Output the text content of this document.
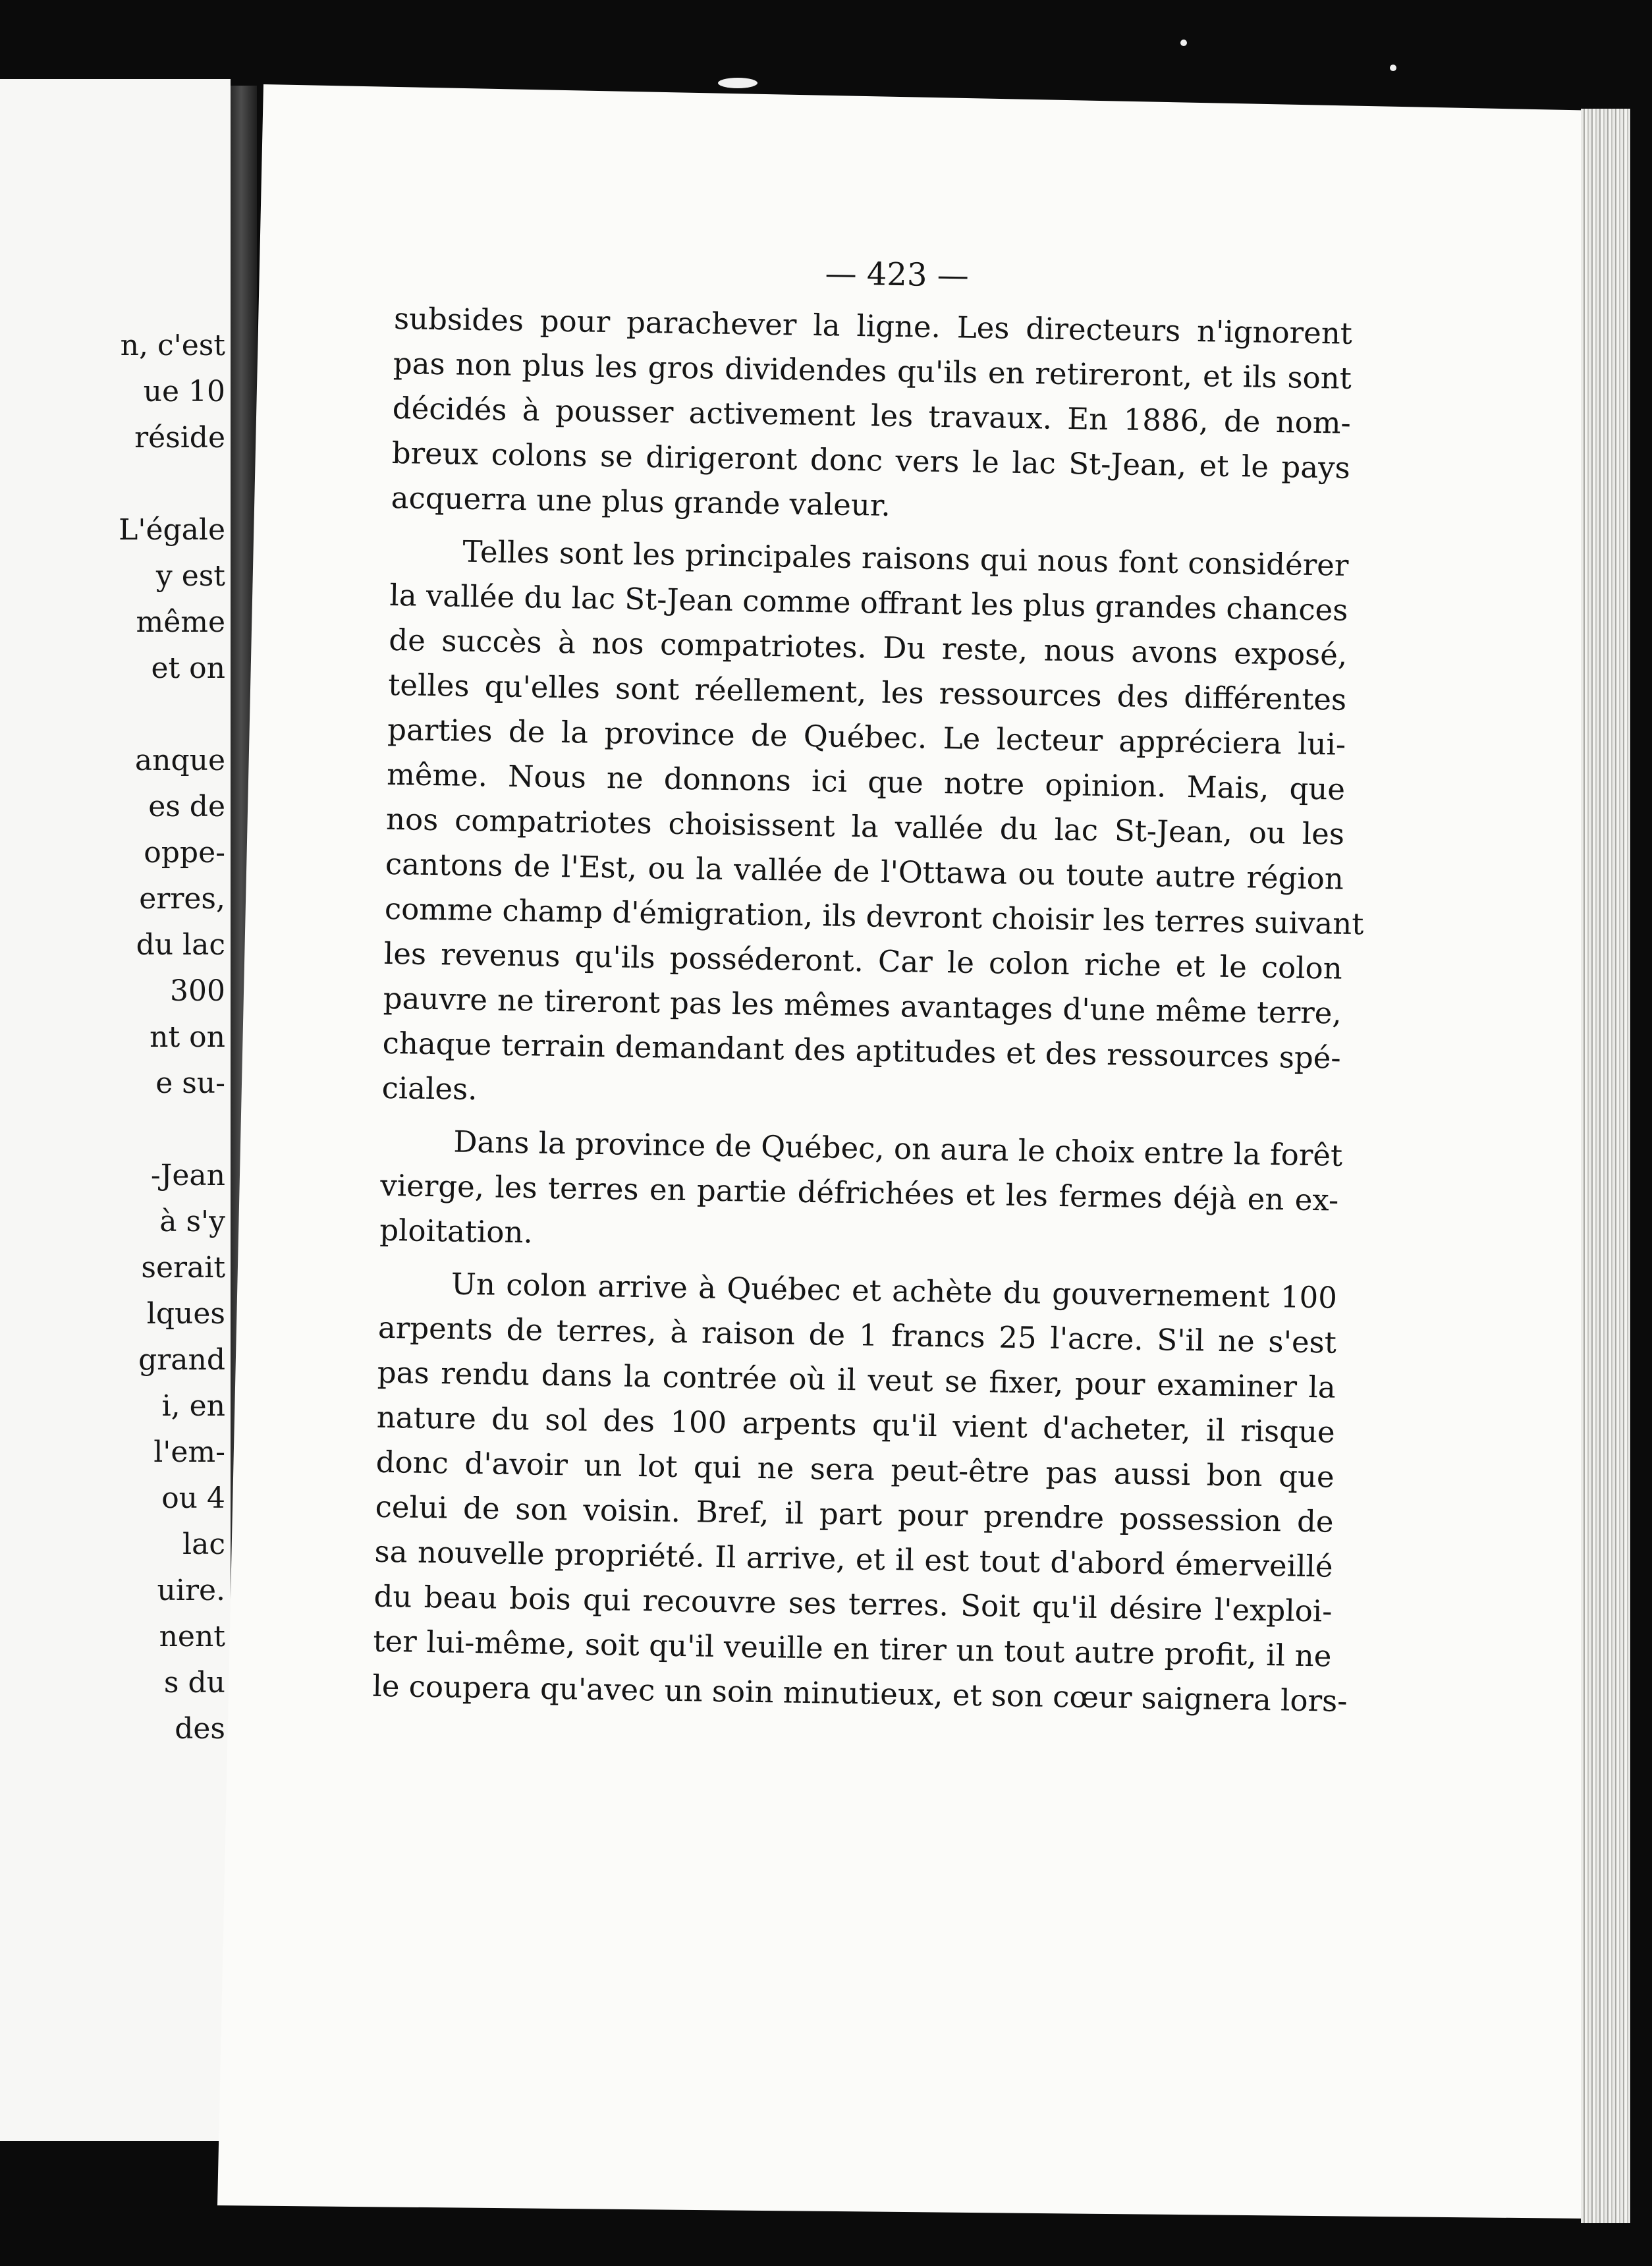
n, c'est
ue 10
réside
L'égale
y est
même
et on
anque
es de
oppe-
erres,
du lac
300
nt on
e su-
-Jean
à s'y
serait
lques
grand
i, en
l'em-
ou 4
lac
uire.
nent
s du
des
— 423 —
subsides pour parachever la ligne. Les directeurs n'ignorent
pas non plus les gros dividendes qu'ils en retireront, et ils sont
décidés à pousser activement les travaux. En 1886, de nom-
breux colons se dirigeront donc vers le lac St-Jean, et le pays
acquerra une plus grande valeur.
Telles sont les principales raisons qui nous font considérer
la vallée du lac St-Jean comme offrant les plus grandes chances
de succès à nos compatriotes. Du reste, nous avons exposé,
telles qu'elles sont réellement, les ressources des différentes
parties de la province de Québec. Le lecteur appréciera lui-
même. Nous ne donnons ici que notre opinion. Mais, que
nos compatriotes choisissent la vallée du lac St-Jean, ou les
cantons de l'Est, ou la vallée de l'Ottawa ou toute autre région
comme champ d'émigration, ils devront choisir les terres suivant
les revenus qu'ils posséderont. Car le colon riche et le colon
pauvre ne tireront pas les mêmes avantages d'une même terre,
chaque terrain demandant des aptitudes et des ressources spé-
ciales.
Dans la province de Québec, on aura le choix entre la forêt
vierge, les terres en partie défrichées et les fermes déjà en ex-
ploitation.
Un colon arrive à Québec et achète du gouvernement 100
arpents de terres, à raison de 1 francs 25 l'acre. S'il ne s'est
pas rendu dans la contrée où il veut se fixer, pour examiner la
nature du sol des 100 arpents qu'il vient d'acheter, il risque
donc d'avoir un lot qui ne sera peut-être pas aussi bon que
celui de son voisin. Bref, il part pour prendre possession de
sa nouvelle propriété. Il arrive, et il est tout d'abord émerveillé
du beau bois qui recouvre ses terres. Soit qu'il désire l'exploi-
ter lui-même, soit qu'il veuille en tirer un tout autre profit, il ne
le coupera qu'avec un soin minutieux, et son cœur saignera lors-
